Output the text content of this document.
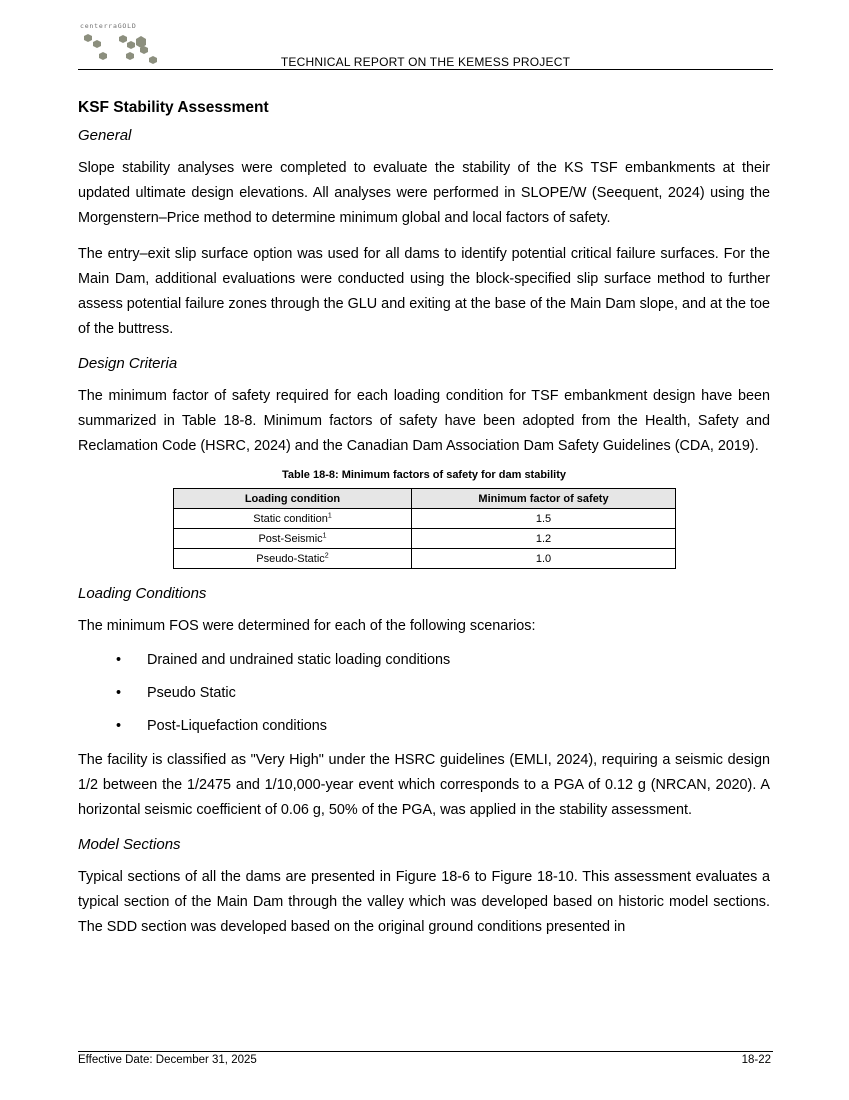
centerraGOLD
TECHNICAL REPORT ON THE KEMESS PROJECT
KSF Stability Assessment
General

Slope stability analyses were completed to evaluate the stability of the KS TSF embankments at their updated ultimate design elevations. All analyses were performed in SLOPE/W (Seequent, 2024) using the Morgenstern–Price method to determine minimum global and local factors of safety.

The entry–exit slip surface option was used for all dams to identify potential critical failure surfaces. For the Main Dam, additional evaluations were conducted using the block-specified slip surface method to further assess potential failure zones through the GLU and exiting at the base of the Main Dam slope, and at the toe of the buttress.

Design Criteria

The minimum factor of safety required for each loading condition for TSF embankment design have been summarized in Table 18-8. Minimum factors of safety have been adopted from the Health, Safety and Reclamation Code (HSRC, 2024) and the Canadian Dam Association Dam Safety Guidelines (CDA, 2019).

Table 18-8: Minimum factors of safety for dam stability
Loading condition	Minimum factor of safety
Static condition$^1$	1.5
Post-Seismic$^1$	1.2
Pseudo-Static$^2$	1.0
Loading Conditions

The minimum FOS were determined for each of the following scenarios:

• Drained and undrained static loading conditions
• Pseudo Static
• Post-Liquefaction conditions

The facility is classified as "Very High" under the HSRC guidelines (EMLI, 2024), requiring a seismic design 1/2 between the 1/2475 and 1/10,000-year event which corresponds to a PGA of 0.12 g (NRCAN, 2020). A horizontal seismic coefficient of 0.06 g, 50% of the PGA, was applied in the stability assessment.

Model Sections

Typical sections of all the dams are presented in Figure 18-6 to Figure 18-10. This assessment evaluates a typical section of the Main Dam through the valley which was developed based on historic model sections. The SDD section was developed based on the original ground conditions presented in

Effective Date: December 31, 2025	18-22
